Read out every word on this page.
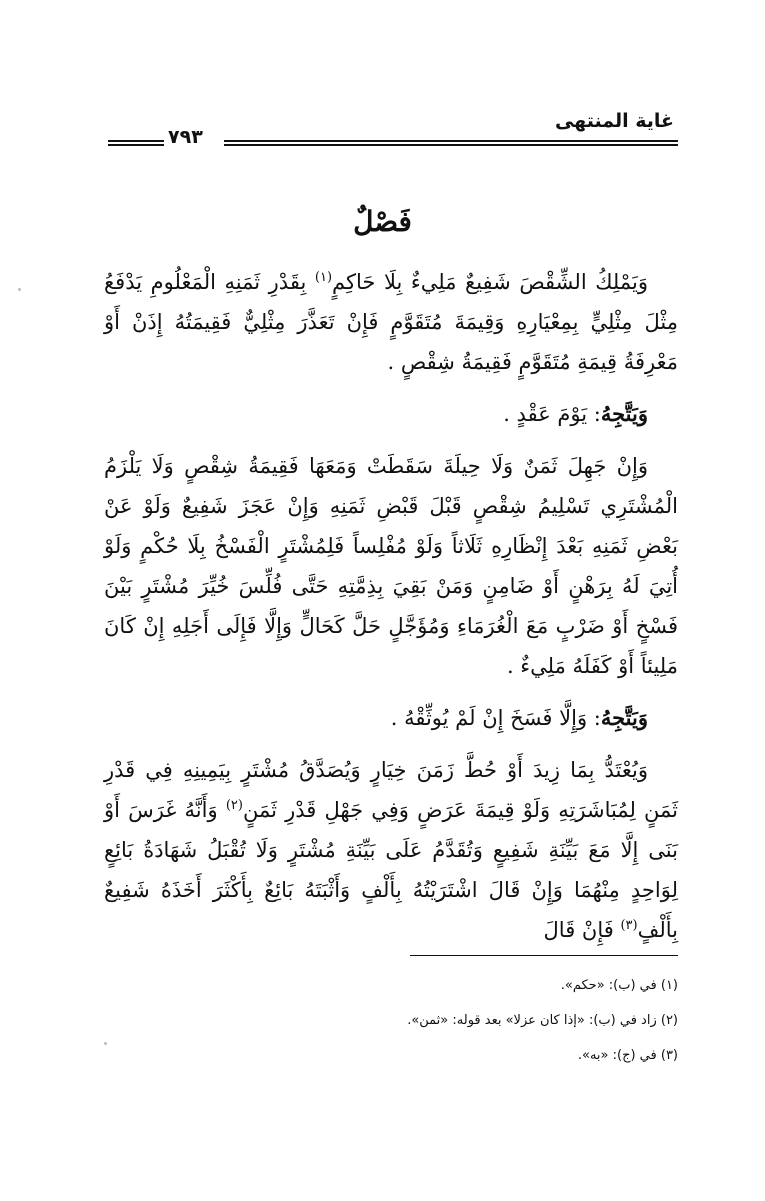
غاية المنتهى
٧٩٣
فَصْلٌ

وَيَمْلِكُ الشِّقْصَ شَفِيعٌ مَلِيءٌ بِلَا حَاكِمٍ$^{(١)}$ بِقَدْرِ ثَمَنِهِ الْمَعْلُومِ يَدْفَعُ مِثْلَ مِثْلِيٍّ بِمِعْيَارِهِ وَقِيمَةَ مُتَقَوَّمٍ فَإِنْ تَعَذَّرَ مِثْلِيٌّ فَقِيمَتُهُ إِذَنْ أَوْ مَعْرِفَةُ قِيمَةِ مُتَقَوَّمٍ فَقِيمَةُ شِقْصٍ .

وَيَتَّجِهُ: يَوْمَ عَقْدٍ .

وَإِنْ جَهِلَ ثَمَنٌ وَلَا حِيلَةَ سَقَطَتْ وَمَعَهَا فَقِيمَةُ شِقْصٍ وَلَا يَلْزَمُ الْمُشْتَرِي تَسْلِيمُ شِقْصٍ قَبْلَ قَبْضِ ثَمَنِهِ وَإِنْ عَجَزَ شَفِيعٌ وَلَوْ عَنْ بَعْضِ ثَمَنِهِ بَعْدَ إِنْظَارِهِ ثَلَاثاً وَلَوْ مُفْلِساً فَلِمُشْتَرٍ الْفَسْخُ بِلَا حُكْمٍ وَلَوْ أُتِيَ لَهُ بِرَهْنٍ أَوْ ضَامِنٍ وَمَنْ بَقِيَ بِذِمَّتِهِ حَتَّى فُلِّسَ خُيِّرَ مُشْتَرٍ بَيْنَ فَسْخٍ أَوْ ضَرْبٍ مَعَ الْغُرَمَاءِ وَمُؤَجَّلٍ حَلَّ كَحَالٍّ وَإِلَّا فَإِلَى أَجَلِهِ إِنْ كَانَ مَلِيئاً أَوْ كَفَلَهُ مَلِيءٌ .

وَيَتَّجِهُ: وَإِلَّا فَسَخَ إِنْ لَمْ يُوثِّقْهُ .

وَيُعْتَدُّ بِمَا زِيدَ أَوْ حُطَّ زَمَنَ خِيَارٍ وَيُصَدَّقُ مُشْتَرٍ بِيَمِينِهِ فِي قَدْرِ ثَمَنٍ لِمُبَاشَرَتِهِ وَلَوْ قِيمَةَ عَرَضٍ وَفِي جَهْلِ قَدْرِ ثَمَنٍ$^{(٢)}$ وَأَنَّهُ غَرَسَ أَوْ بَنَى إِلَّا مَعَ بَيِّنَةِ شَفِيعٍ وَتُقَدَّمُ عَلَى بَيِّنَةِ مُشْتَرٍ وَلَا تُقْبَلُ شَهَادَةُ بَائِعٍ لِوَاحِدٍ مِنْهُمَا وَإِنْ قَالَ اشْتَرَيْتُهُ بِأَلْفٍ وَأَثْبَتَهُ بَائِعٌ بِأَكْثَرَ أَخَذَهُ شَفِيعٌ بِأَلْفٍ$^{(٣)}$ فَإِنْ قَالَ

(١) في (ب): «حكم».

(٢) زاد في (ب): «إذا كان عزلا» بعد قوله: «ثمن».

(٣) في (ج): «به».
